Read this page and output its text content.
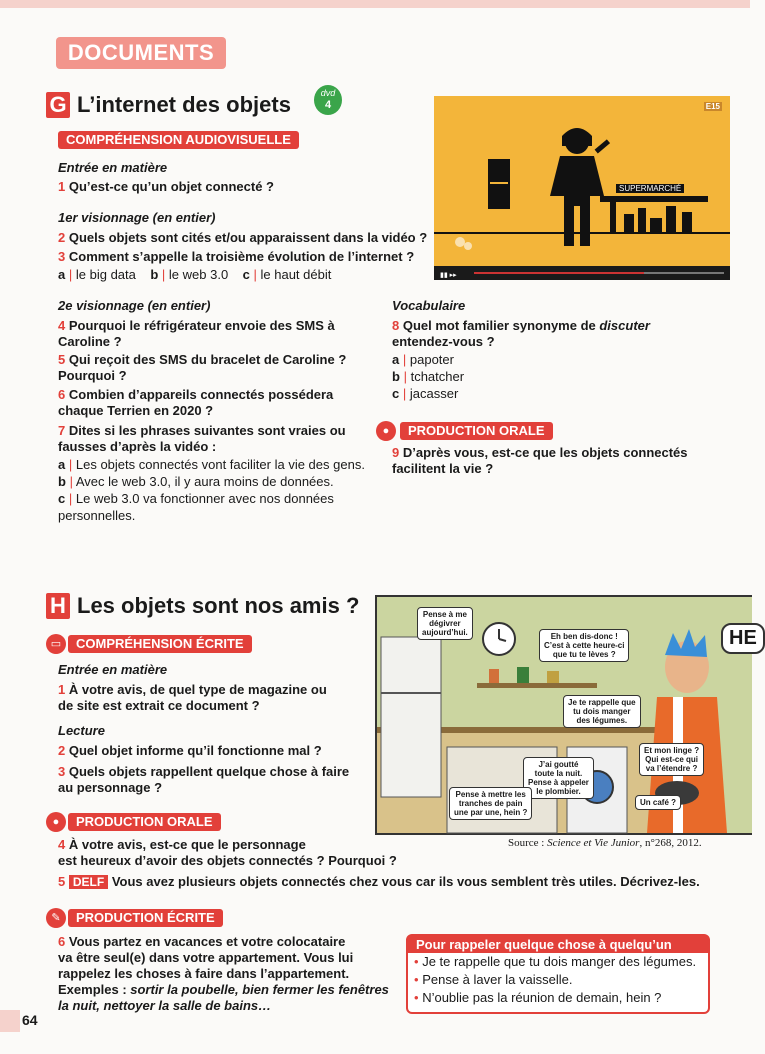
DOCUMENTS
G L’internet des objets	dvd
4
COMPRÉHENSION AUDIOVISUELLE
Entrée en matière
1 Qu’est-ce qu’un objet connecté ?
1er visionnage (en entier)
2 Quels objets sont cités et/ou apparaissent dans la vidéo ?
3 Comment s’appelle la troisième évolution de l’internet ?
a | le big data b | le web 3.0 c | le haut débit
2e visionnage (en entier)
4 Pourquoi le réfrigérateur envoie des SMS à
Caroline ?
5 Qui reçoit des SMS du bracelet de Caroline ?
Pourquoi ?
6 Combien d’appareils connectés possédera
chaque Terrien en 2020 ?
7 Dites si les phrases suivantes sont vraies ou
fausses d’après la vidéo :
a | Les objets connectés vont faciliter la vie des gens.
b | Avec le web 3.0, il y aura moins de données.
c | Le web 3.0 va fonctionner avec nos données
personnelles.
▮▮ ▸▸
E15
SUPERMARCHÉ
Vocabulaire
8 Quel mot familier synonyme de discuter
entendez-vous ?
a | papoter
b | tchatcher
c | jacasser
●	PRODUCTION ORALE
9 D’après vous, est-ce que les objets connectés
facilitent la vie ?
H Les objets sont nos amis ?
▭	COMPRÉHENSION ÉCRITE
Entrée en matière
1 À votre avis, de quel type de magazine ou
de site est extrait ce document ?
Lecture
2 Quel objet informe qu’il fonctionne mal ?
3 Quels objets rappellent quelque chose à faire
au personnage ?
●	PRODUCTION ORALE
4 À votre avis, est-ce que le personnage
est heureux d’avoir des objets connectés ? Pourquoi ?
5 DELF Vous avez plusieurs objets connectés chez vous car ils vous semblent très utiles. Décrivez-les.
✎	PRODUCTION ÉCRITE
6 Vous partez en vacances et votre colocataire
va être seul(e) dans votre appartement. Vous lui
rappelez les choses à faire dans l’appartement.
Exemples : sortir la poubelle, bien fermer les fenêtres
la nuit, nettoyer la salle de bains…
Pense à me
dégivrer
aujourd’hui.	Eh ben dis-donc !
C’est à cette heure-ci
que tu te lèves ?
Je te rappelle que
tu dois manger
des légumes.
Et mon linge ?
Qui est-ce qui
va l’étendre ?
J’ai goutté
toute la nuit.
Pense à appeler
le plombier.
Pense à mettre les
tranches de pain
une par une, hein ?
Un café ?
HE
Source : Science et Vie Junior, n°268, 2012.
Pour rappeler quelque chose à quelqu’un
• Je te rappelle que tu dois manger des légumes.
• Pense à laver la vaisselle.
• N’oublie pas la réunion de demain, hein ?
64
